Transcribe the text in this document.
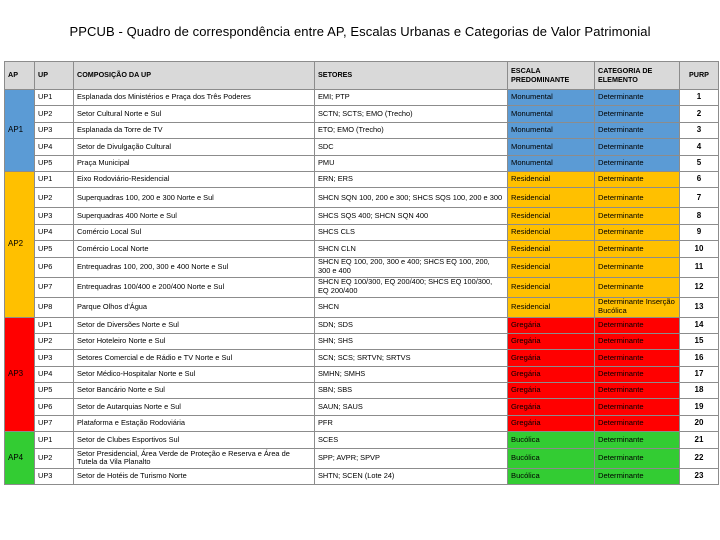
PPCUB - Quadro de correspondência entre AP, Escalas Urbanas e Categorias de Valor Patrimonial
AP	UP	COMPOSIÇÃO DA UP	SETORES	ESCALA PREDOMINANTE	CATEGORIA DE ELEMENTO	PURP
AP1	UP1	Esplanada dos Ministérios e Praça dos Três Poderes	EMI; PTP	Monumental	Determinante	1
	UP2	Setor Cultural Norte e Sul	SCTN; SCTS; EMO (Trecho)	Monumental	Determinante	2
	UP3	Esplanada da Torre de TV	ETO; EMO (Trecho)	Monumental	Determinante	3
	UP4	Setor de Divulgação Cultural	SDC	Monumental	Determinante	4
	UP5	Praça Municipal	PMU	Monumental	Determinante	5
AP2	UP1	Eixo Rodoviário-Residencial	ERN; ERS	Residencial	Determinante	6
	UP2	Superquadras 100, 200 e 300 Norte e Sul	SHCN SQN 100, 200 e 300; SHCS SQS 100, 200 e 300	Residencial	Determinante	7
	UP3	Superquadras 400 Norte e Sul	SHCS SQS 400; SHCN SQN 400	Residencial	Determinante	8
	UP4	Comércio Local Sul	SHCS CLS	Residencial	Determinante	9
	UP5	Comércio Local Norte	SHCN CLN	Residencial	Determinante	10
	UP6	Entrequadras 100, 200, 300 e 400 Norte e Sul	SHCN EQ 100, 200, 300 e 400; SHCS EQ 100, 200, 300 e 400	Residencial	Determinante	11
	UP7	Entrequadras 100/400 e 200/400 Norte e Sul	SHCN EQ 100/300, EQ 200/400; SHCS EQ 100/300, EQ 200/400	Residencial	Determinante	12
	UP8	Parque Olhos d'Água	SHCN	Residencial	Determinante Inserção Bucólica	13
AP3	UP1	Setor de Diversões Norte e Sul	SDN; SDS	Gregária	Determinante	14
	UP2	Setor Hoteleiro Norte e Sul	SHN; SHS	Gregária	Determinante	15
	UP3	Setores Comercial e de Rádio e TV Norte e Sul	SCN; SCS; SRTVN; SRTVS	Gregária	Determinante	16
	UP4	Setor Médico-Hospitalar Norte e Sul	SMHN; SMHS	Gregária	Determinante	17
	UP5	Setor Bancário Norte e Sul	SBN; SBS	Gregária	Determinante	18
	UP6	Setor de Autarquias Norte e Sul	SAUN; SAUS	Gregária	Determinante	19
	UP7	Plataforma e Estação Rodoviária	PFR	Gregária	Determinante	20
AP4	UP1	Setor de Clubes Esportivos Sul	SCES	Bucólica	Determinante	21
	UP2	Setor Presidencial, Área Verde de Proteção e Reserva e Área de Tutela da Vila Planalto	SPP; AVPR; SPVP	Bucólica	Determinante	22
	UP3	Setor de Hotéis de Turismo Norte	SHTN; SCEN (Lote 24)	Bucólica	Determinante	23
